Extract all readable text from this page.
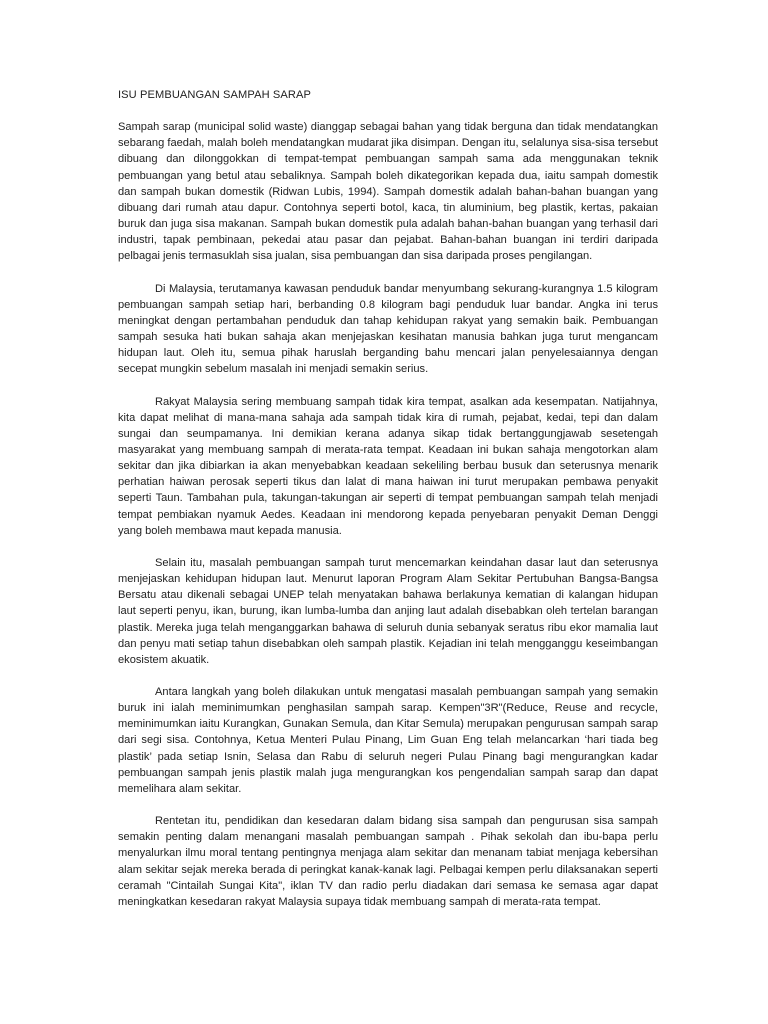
ISU PEMBUANGAN SAMPAH SARAP

Sampah sarap (municipal solid waste) dianggap sebagai bahan yang tidak berguna dan tidak mendatangkan sebarang faedah, malah boleh mendatangkan mudarat jika disimpan. Dengan itu, selalunya sisa-sisa tersebut dibuang dan dilonggokkan di tempat-tempat pembuangan sampah sama ada menggunakan teknik pembuangan yang betul atau sebaliknya. Sampah boleh dikategorikan kepada dua, iaitu sampah domestik dan sampah bukan domestik (Ridwan Lubis, 1994). Sampah domestik adalah bahan-bahan buangan yang dibuang dari rumah atau dapur. Contohnya seperti botol, kaca, tin aluminium, beg plastik, kertas, pakaian buruk dan juga sisa makanan. Sampah bukan domestik pula adalah bahan-bahan buangan yang terhasil dari industri, tapak pembinaan, pekedai atau pasar dan pejabat. Bahan-bahan buangan ini terdiri daripada pelbagai jenis termasuklah sisa jualan, sisa pembuangan dan sisa daripada proses pengilangan.

Di Malaysia, terutamanya kawasan penduduk bandar menyumbang sekurang-kurangnya 1.5 kilogram pembuangan sampah setiap hari, berbanding 0.8 kilogram bagi penduduk luar bandar. Angka ini terus meningkat dengan pertambahan penduduk dan tahap kehidupan rakyat yang semakin baik. Pembuangan sampah sesuka hati bukan sahaja akan menjejaskan kesihatan manusia bahkan juga turut mengancam hidupan laut. Oleh itu, semua pihak haruslah berganding bahu mencari jalan penyelesaiannya dengan secepat mungkin sebelum masalah ini menjadi semakin serius.

Rakyat Malaysia sering membuang sampah tidak kira tempat, asalkan ada kesempatan. Natijahnya, kita dapat melihat di mana-mana sahaja ada sampah tidak kira di rumah, pejabat, kedai, tepi dan dalam sungai dan seumpamanya. Ini demikian kerana adanya sikap tidak bertanggungjawab sesetengah masyarakat yang membuang sampah di merata-rata tempat. Keadaan ini bukan sahaja mengotorkan alam sekitar dan jika dibiarkan ia akan menyebabkan keadaan sekeliling berbau busuk dan seterusnya menarik perhatian haiwan perosak seperti tikus dan lalat di mana haiwan ini turut merupakan pembawa penyakit seperti Taun. Tambahan pula, takungan-takungan air seperti di tempat pembuangan sampah telah menjadi tempat pembiakan nyamuk Aedes. Keadaan ini mendorong kepada penyebaran penyakit Deman Denggi yang boleh membawa maut kepada manusia.

Selain itu, masalah pembuangan sampah turut mencemarkan keindahan dasar laut dan seterusnya menjejaskan kehidupan hidupan laut. Menurut laporan Program Alam Sekitar Pertubuhan Bangsa-Bangsa Bersatu atau dikenali sebagai UNEP telah menyatakan bahawa berlakunya kematian di kalangan hidupan laut seperti penyu, ikan, burung, ikan lumba-lumba dan anjing laut adalah disebabkan oleh tertelan barangan plastik. Mereka juga telah menganggarkan bahawa di seluruh dunia sebanyak seratus ribu ekor mamalia laut dan penyu mati setiap tahun disebabkan oleh sampah plastik. Kejadian ini telah mengganggu keseimbangan ekosistem akuatik.

Antara langkah yang boleh dilakukan untuk mengatasi masalah pembuangan sampah yang semakin buruk ini ialah meminimumkan penghasilan sampah sarap. Kempen"3R"(Reduce, Reuse and recycle, meminimumkan iaitu Kurangkan, Gunakan Semula, dan Kitar Semula) merupakan pengurusan sampah sarap dari segi sisa. Contohnya, Ketua Menteri Pulau Pinang, Lim Guan Eng telah melancarkan ‘hari tiada beg plastik’ pada setiap Isnin, Selasa dan Rabu di seluruh negeri Pulau Pinang bagi mengurangkan kadar pembuangan sampah jenis plastik malah juga mengurangkan kos pengendalian sampah sarap dan dapat memelihara alam sekitar.

Rentetan itu, pendidikan dan kesedaran dalam bidang sisa sampah dan pengurusan sisa sampah semakin penting dalam menangani masalah pembuangan sampah . Pihak sekolah dan ibu-bapa perlu menyalurkan ilmu moral tentang pentingnya menjaga alam sekitar dan menanam tabiat menjaga kebersihan alam sekitar sejak mereka berada di peringkat kanak-kanak lagi. Pelbagai kempen perlu dilaksanakan seperti ceramah "Cintailah Sungai Kita", iklan TV dan radio perlu diadakan dari semasa ke semasa agar dapat meningkatkan kesedaran rakyat Malaysia supaya tidak membuang sampah di merata-rata tempat.
